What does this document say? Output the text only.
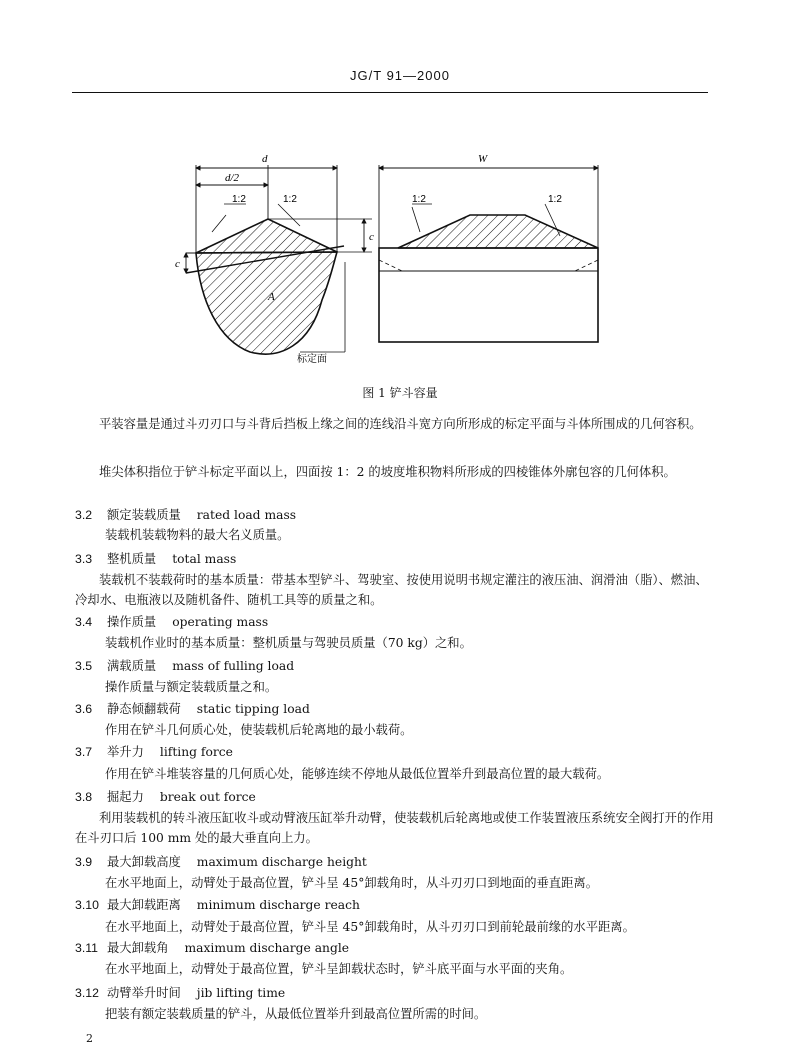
JG/T 91—2000
d
d/2
1:2	1:2
c
c
A
标定面
W
1:2	1:2
图 1 铲斗容量

平装容量是通过斗刃刃口与斗背后挡板上缘之间的连线沿斗宽方向所形成的标定平面与斗体所围成的几何容积。

堆尖体积指位于铲斗标定平面以上，四面按 1：2 的坡度堆积物料所形成的四棱锥体外廓包容的几何体积。

3.2 额定装载质量 rated load mass
装载机装载物料的最大名义质量。
3.3 整机质量 total mass
装载机不装载荷时的基本质量：带基本型铲斗、驾驶室、按使用说明书规定灌注的液压油、润滑油（脂）、燃油、冷却水、电瓶液以及随机备件、随机工具等的质量之和。
3.4 操作质量 operating mass
装载机作业时的基本质量：整机质量与驾驶员质量（70 kg）之和。
3.5 满载质量 mass of fulling load
操作质量与额定装载质量之和。
3.6 静态倾翻载荷 static tipping load
作用在铲斗几何质心处，使装载机后轮离地的最小载荷。
3.7 举升力 lifting force
作用在铲斗堆装容量的几何质心处，能够连续不停地从最低位置举升到最高位置的最大载荷。
3.8 掘起力 break out force
利用装载机的转斗液压缸收斗或动臂液压缸举升动臂，使装载机后轮离地或使工作装置液压系统安全阀打开的作用在斗刃口后 100 mm 处的最大垂直向上力。
3.9 最大卸载高度 maximum discharge height
在水平地面上，动臂处于最高位置，铲斗呈 45°卸载角时，从斗刃刃口到地面的垂直距离。
3.10 最大卸载距离 minimum discharge reach
在水平地面上，动臂处于最高位置，铲斗呈 45°卸载角时，从斗刃刃口到前轮最前缘的水平距离。
3.11 最大卸载角 maximum discharge angle
在水平地面上，动臂处于最高位置，铲斗呈卸载状态时，铲斗底平面与水平面的夹角。
3.12 动臂举升时间 jib lifting time
把装有额定装载质量的铲斗，从最低位置举升到最高位置所需的时间。
2
